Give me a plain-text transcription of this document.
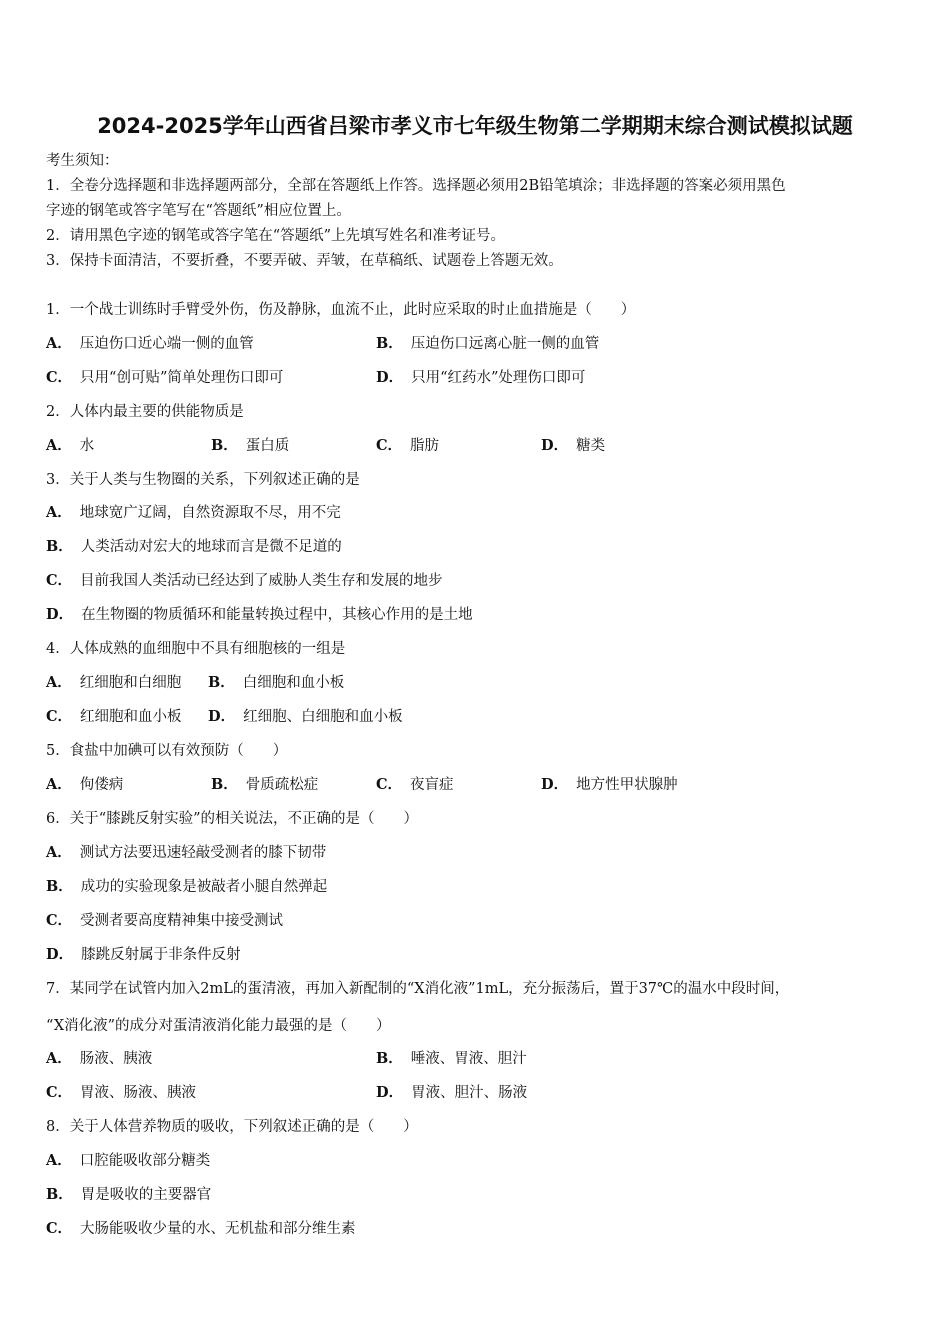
2024-2025学年山西省吕梁市孝义市七年级生物第二学期期末综合测试模拟试题
考生须知：
1．全卷分选择题和非选择题两部分，全部在答题纸上作答。选择题必须用2B铅笔填涂；非选择题的答案必须用黑色
字迹的钢笔或答字笔写在“答题纸”相应位置上。
2．请用黑色字迹的钢笔或答字笔在“答题纸”上先填写姓名和准考证号。
3．保持卡面清洁，不要折叠，不要弄破、弄皱，在草稿纸、试题卷上答题无效。
1．一个战士训练时手臂受外伤，伤及静脉，血流不止，此时应采取的时止血措施是（　　）
A． 压迫伤口近心端一侧的血管	B． 压迫伤口远离心脏一侧的血管
C． 只用“创可贴”简单处理伤口即可	D． 只用“红药水”处理伤口即可
2．人体内最主要的供能物质是
A． 水	B． 蛋白质	C． 脂肪	D． 糖类
3．关于人类与生物圈的关系，下列叙述正确的是
A． 地球宽广辽阔，自然资源取不尽，用不完
B． 人类活动对宏大的地球而言是微不足道的
C． 目前我国人类活动已经达到了威胁人类生存和发展的地步
D． 在生物圈的物质循环和能量转换过程中，其核心作用的是土地
4．人体成熟的血细胞中不具有细胞核的一组是
A． 红细胞和白细胞 B． 白细胞和血小板
C． 红细胞和血小板 D． 红细胞、白细胞和血小板
5．食盐中加碘可以有效预防（　　）
A． 佝偻病	B． 骨质疏松症	C． 夜盲症	D． 地方性甲状腺肿
6．关于“膝跳反射实验”的相关说法，不正确的是（　　）
A． 测试方法要迅速轻敲受测者的膝下韧带
B． 成功的实验现象是被敲者小腿自然弹起
C． 受测者要高度精神集中接受测试
D． 膝跳反射属于非条件反射
7．某同学在试管内加入2mL的蛋清液，再加入新配制的“X消化液”1mL，充分振荡后，置于37℃的温水中段时间，
“X消化液”的成分对蛋清液消化能力最强的是（　　）
A． 肠液、胰液	B． 唾液、胃液、胆汁
C． 胃液、肠液、胰液	D． 胃液、胆汁、肠液
8．关于人体营养物质的吸收，下列叙述正确的是（　　）
A． 口腔能吸收部分糖类
B． 胃是吸收的主要器官
C． 大肠能吸收少量的水、无机盐和部分维生素
